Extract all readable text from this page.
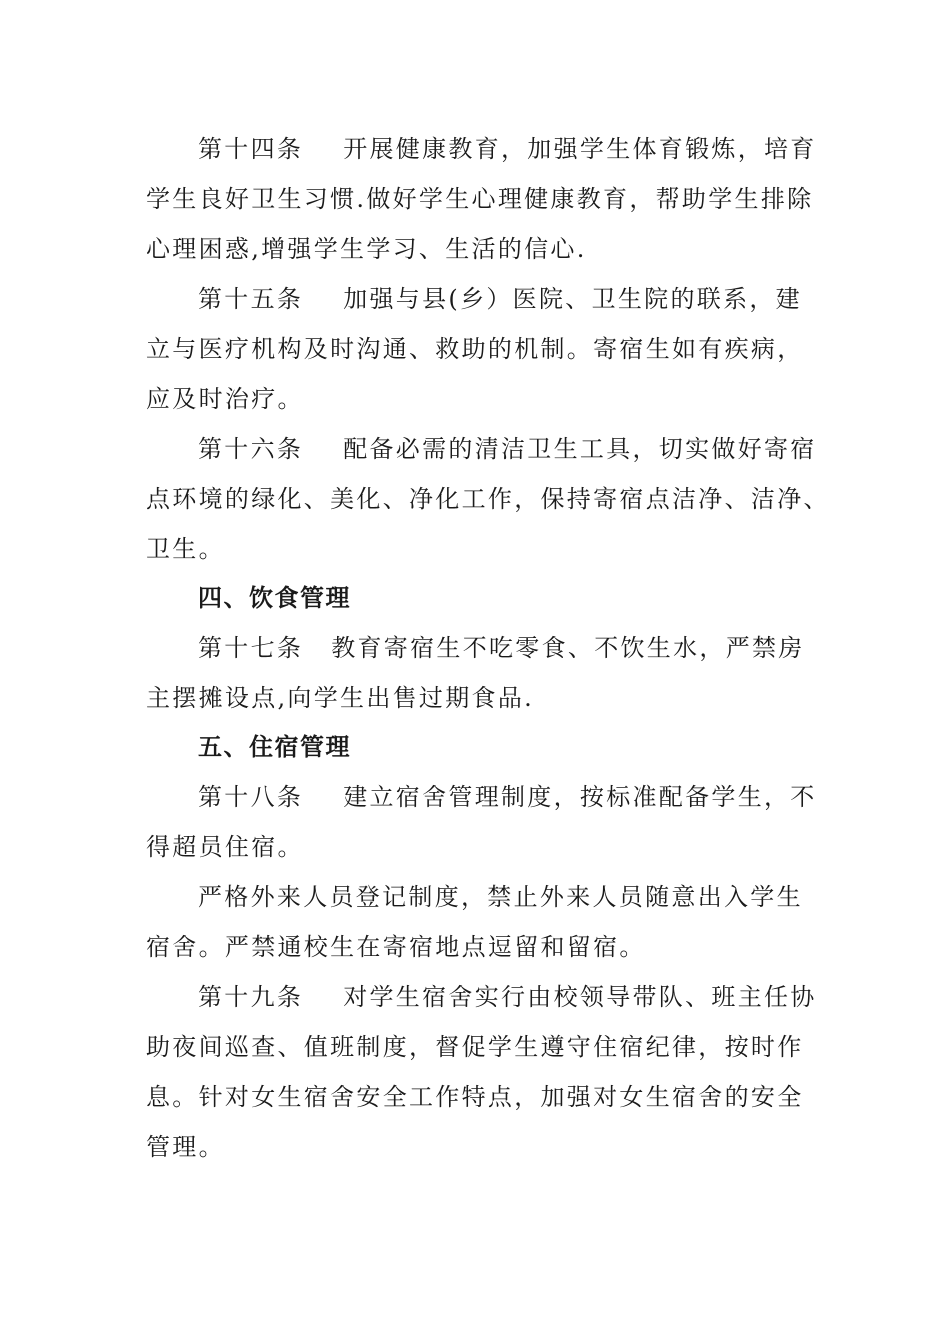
第十四条 开展健康教育，加强学生体育锻炼，培育
学生良好卫生习惯.做好学生心理健康教育，帮助学生排除
心理困惑,增强学生学习、生活的信心.
第十五条 加强与县(乡）医院、卫生院的联系，建
立与医疗机构及时沟通、救助的机制。寄宿生如有疾病，
应及时治疗。
第十六条 配备必需的清洁卫生工具，切实做好寄宿
点环境的绿化、美化、净化工作，保持寄宿点洁净、洁净、
卫生。
四、饮食管理
第十七条 教育寄宿生不吃零食、不饮生水，严禁房
主摆摊设点,向学生出售过期食品.
五、住宿管理
第十八条 建立宿舍管理制度，按标准配备学生，不
得超员住宿。
严格外来人员登记制度，禁止外来人员随意出入学生
宿舍。严禁通校生在寄宿地点逗留和留宿。
第十九条 对学生宿舍实行由校领导带队、班主任协
助夜间巡查、值班制度，督促学生遵守住宿纪律，按时作
息。针对女生宿舍安全工作特点，加强对女生宿舍的安全
管理。
